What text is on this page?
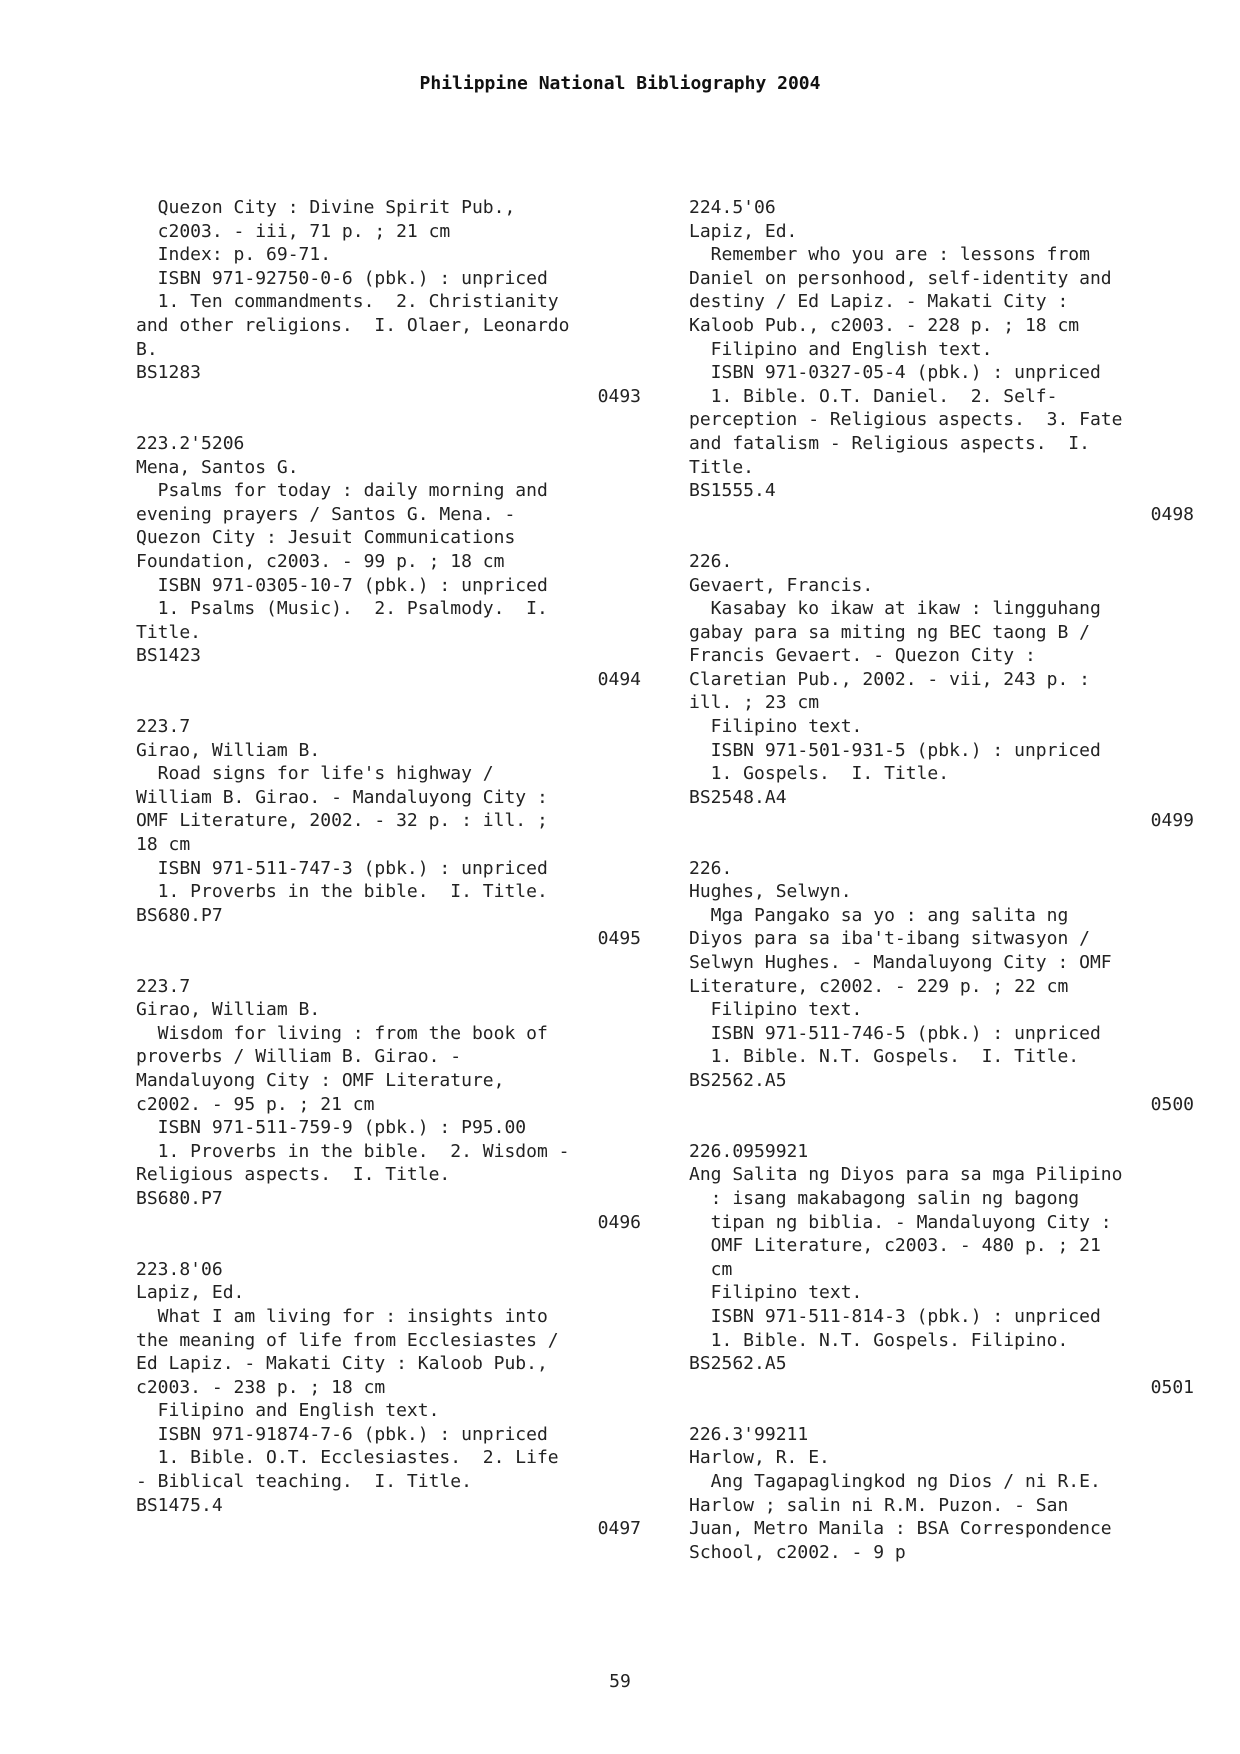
Philippine National Bibliography 2004
Quezon City : Divine Spirit Pub.,
c2003. - iii, 71 p. ; 21 cm
Index: p. 69-71.
ISBN 971-92750-0-6 (pbk.) : unpriced
1. Ten commandments.  2. Christianity
and other religions.  I. Olaer, Leonardo
B.
BS1283
0493
223.2'5206
Mena, Santos G.
Psalms for today : daily morning and
evening prayers / Santos G. Mena. -
Quezon City : Jesuit Communications
Foundation, c2003. - 99 p. ; 18 cm
ISBN 971-0305-10-7 (pbk.) : unpriced
1. Psalms (Music).  2. Psalmody.  I.
Title.
BS1423
0494
223.7
Girao, William B.
Road signs for life's highway /
William B. Girao. - Mandaluyong City :
OMF Literature, 2002. - 32 p. : ill. ;
18 cm
ISBN 971-511-747-3 (pbk.) : unpriced
1. Proverbs in the bible.  I. Title.
BS680.P7
0495
223.7
Girao, William B.
Wisdom for living : from the book of
proverbs / William B. Girao. -
Mandaluyong City : OMF Literature,
c2002. - 95 p. ; 21 cm
ISBN 971-511-759-9 (pbk.) : P95.00
1. Proverbs in the bible.  2. Wisdom -
Religious aspects.  I. Title.
BS680.P7
0496
223.8'06
Lapiz, Ed.
What I am living for : insights into
the meaning of life from Ecclesiastes /
Ed Lapiz. - Makati City : Kaloob Pub.,
c2003. - 238 p. ; 18 cm
Filipino and English text.
ISBN 971-91874-7-6 (pbk.) : unpriced
1. Bible. O.T. Ecclesiastes.  2. Life
- Biblical teaching.  I. Title.
BS1475.4
0497
224.5'06
Lapiz, Ed.
Remember who you are : lessons from
Daniel on personhood, self-identity and
destiny / Ed Lapiz. - Makati City :
Kaloob Pub., c2003. - 228 p. ; 18 cm
Filipino and English text.
ISBN 971-0327-05-4 (pbk.) : unpriced
1. Bible. O.T. Daniel.  2. Self-
perception - Religious aspects.  3. Fate
and fatalism - Religious aspects.  I.
Title.
BS1555.4
0498
226.
Gevaert, Francis.
Kasabay ko ikaw at ikaw : lingguhang
gabay para sa miting ng BEC taong B /
Francis Gevaert. - Quezon City :
Claretian Pub., 2002. - vii, 243 p. :
ill. ; 23 cm
Filipino text.
ISBN 971-501-931-5 (pbk.) : unpriced
1. Gospels.  I. Title.
BS2548.A4
0499
226.
Hughes, Selwyn.
Mga Pangako sa yo : ang salita ng
Diyos para sa iba't-ibang sitwasyon /
Selwyn Hughes. - Mandaluyong City : OMF
Literature, c2002. - 229 p. ; 22 cm
Filipino text.
ISBN 971-511-746-5 (pbk.) : unpriced
1. Bible. N.T. Gospels.  I. Title.
BS2562.A5
0500
226.0959921
Ang Salita ng Diyos para sa mga Pilipino
: isang makabagong salin ng bagong
tipan ng biblia. - Mandaluyong City :
OMF Literature, c2003. - 480 p. ; 21
cm
Filipino text.
ISBN 971-511-814-3 (pbk.) : unpriced
1. Bible. N.T. Gospels. Filipino.
BS2562.A5
0501
226.3'99211
Harlow, R. E.
Ang Tagapaglingkod ng Dios / ni R.E.
Harlow ; salin ni R.M. Puzon. - San
Juan, Metro Manila : BSA Correspondence
School, c2002. - 9 p
59
